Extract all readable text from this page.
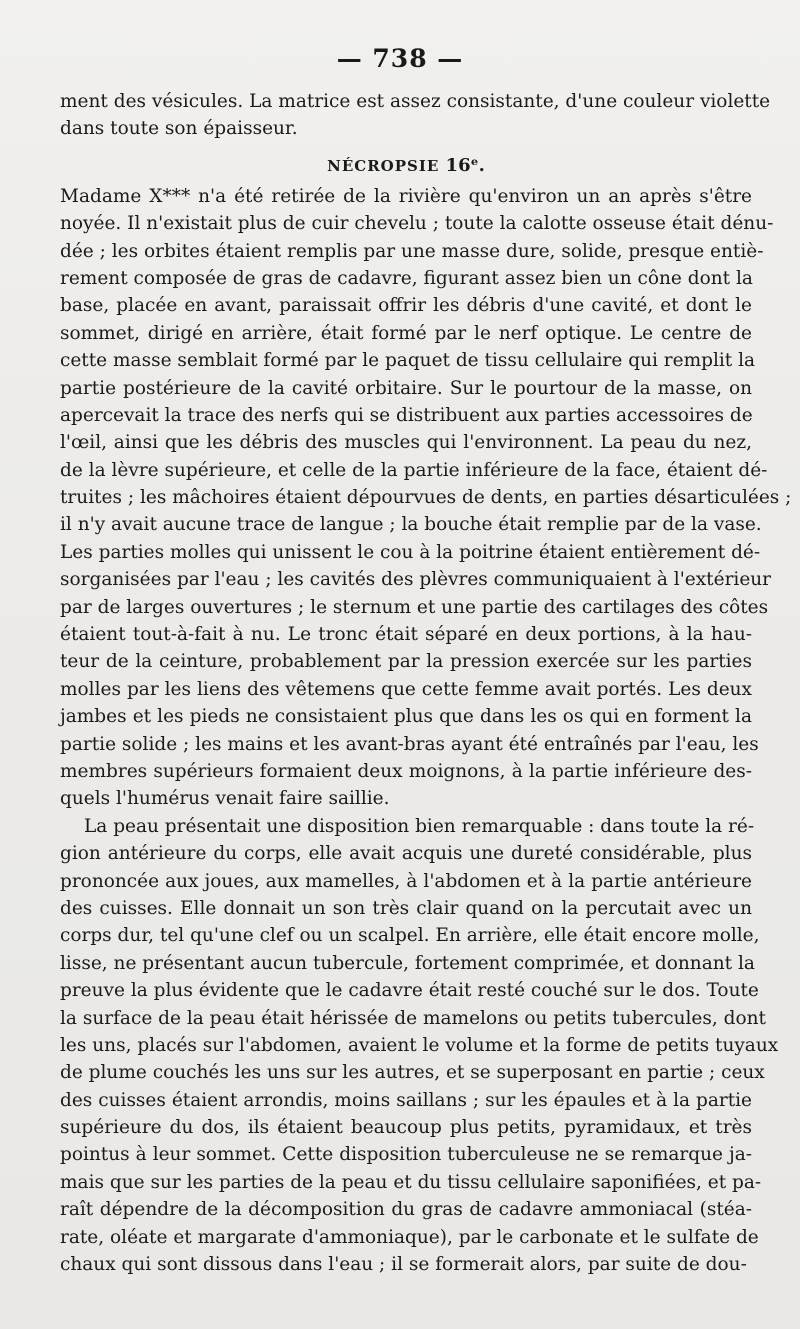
— 738 —
ment des vésicules. La matrice est assez consistante, d'une couleur violette
dans toute son épaisseur.
NÉCROPSIE 16ᵉ.
Madame X*** n'a été retirée de la rivière qu'environ un an après s'être
noyée. Il n'existait plus de cuir chevelu ; toute la calotte osseuse était dénu-
dée ; les orbites étaient remplis par une masse dure, solide, presque entiè-
rement composée de gras de cadavre, figurant assez bien un cône dont la
base, placée en avant, paraissait offrir les débris d'une cavité, et dont le
sommet, dirigé en arrière, était formé par le nerf optique. Le centre de
cette masse semblait formé par le paquet de tissu cellulaire qui remplit la
partie postérieure de la cavité orbitaire. Sur le pourtour de la masse, on
apercevait la trace des nerfs qui se distribuent aux parties accessoires de
l'œil, ainsi que les débris des muscles qui l'environnent. La peau du nez,
de la lèvre supérieure, et celle de la partie inférieure de la face, étaient dé-
truites ; les mâchoires étaient dépourvues de dents, en parties désarticulées ;
il n'y avait aucune trace de langue ; la bouche était remplie par de la vase.
Les parties molles qui unissent le cou à la poitrine étaient entièrement dé-
sorganisées par l'eau ; les cavités des plèvres communiquaient à l'extérieur
par de larges ouvertures ; le sternum et une partie des cartilages des côtes
étaient tout-à-fait à nu. Le tronc était séparé en deux portions, à la hau-
teur de la ceinture, probablement par la pression exercée sur les parties
molles par les liens des vêtemens que cette femme avait portés. Les deux
jambes et les pieds ne consistaient plus que dans les os qui en forment la
partie solide ; les mains et les avant-bras ayant été entraînés par l'eau, les
membres supérieurs formaient deux moignons, à la partie inférieure des-
quels l'humérus venait faire saillie.
La peau présentait une disposition bien remarquable : dans toute la ré-
gion antérieure du corps, elle avait acquis une dureté considérable, plus
prononcée aux joues, aux mamelles, à l'abdomen et à la partie antérieure
des cuisses. Elle donnait un son très clair quand on la percutait avec un
corps dur, tel qu'une clef ou un scalpel. En arrière, elle était encore molle,
lisse, ne présentant aucun tubercule, fortement comprimée, et donnant la
preuve la plus évidente que le cadavre était resté couché sur le dos. Toute
la surface de la peau était hérissée de mamelons ou petits tubercules, dont
les uns, placés sur l'abdomen, avaient le volume et la forme de petits tuyaux
de plume couchés les uns sur les autres, et se superposant en partie ; ceux
des cuisses étaient arrondis, moins saillans ; sur les épaules et à la partie
supérieure du dos, ils étaient beaucoup plus petits, pyramidaux, et très
pointus à leur sommet. Cette disposition tuberculeuse ne se remarque ja-
mais que sur les parties de la peau et du tissu cellulaire saponifiées, et pa-
raît dépendre de la décomposition du gras de cadavre ammoniacal (stéa-
rate, oléate et margarate d'ammoniaque), par le carbonate et le sulfate de
chaux qui sont dissous dans l'eau ; il se formerait alors, par suite de dou-
